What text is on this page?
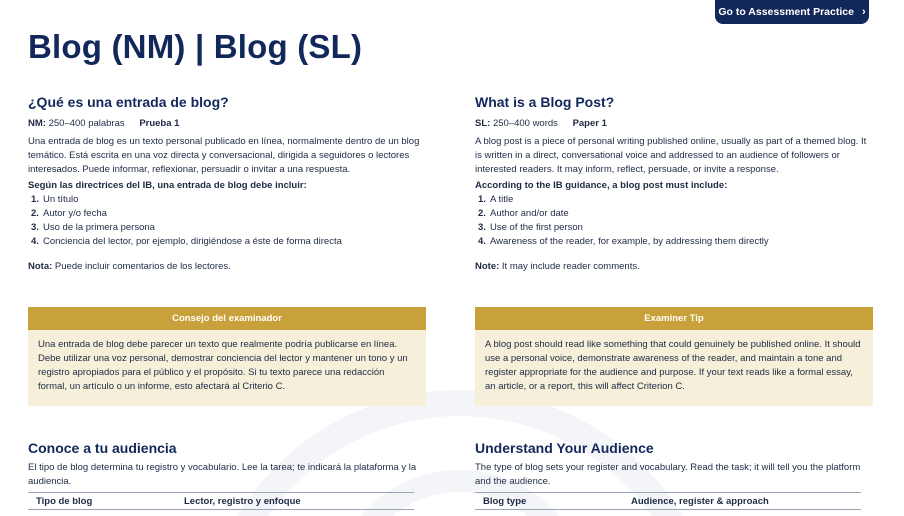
Go to Assessment Practice ›
Blog (NM) | Blog (SL)
¿Qué es una entrada de blog?
NM: 250–400 palabras Prueba 1

Una entrada de blog es un texto personal publicado en línea, normalmente dentro de un blog temático. Está escrita en una voz directa y conversacional, dirigida a seguidores o lectores interesados. Puede informar, reflexionar, persuadir o invitar a una respuesta.

Según las directrices del IB, una entrada de blog debe incluir:
1. Un título
2. Autor y/o fecha
3. Uso de la primera persona
4. Conciencia del lector, por ejemplo, dirigiéndose a éste de forma directa
Nota: Puede incluir comentarios de los lectores.
What is a Blog Post?
SL: 250–400 words Paper 1

A blog post is a piece of personal writing published online, usually as part of a themed blog. It is written in a direct, conversational voice and addressed to an audience of followers or interested readers. It may inform, reflect, persuade, or invite a response.

According to the IB guidance, a blog post must include:
1. A title
2. Author and/or date
3. Use of the first person
4. Awareness of the reader, for example, by addressing them directly
Note: It may include reader comments.
Consejo del examinador
Una entrada de blog debe parecer un texto que realmente podría publicarse en línea. Debe utilizar una voz personal, demostrar conciencia del lector y mantener un tono y un registro apropiados para el público y el propósito. Si tu texto parece una redacción formal, un artículo o un informe, esto afectará al Criterio C.
Examiner Tip
A blog post should read like something that could genuinely be published online. It should use a personal voice, demonstrate awareness of the reader, and maintain a tone and register appropriate for the audience and purpose. If your text reads like a formal essay, an article, or a report, this will affect Criterion C.
Conoce a tu audiencia

El tipo de blog determina tu registro y vocabulario. Lee la tarea; te indicará la plataforma y la audiencia.

Tipo de blog	Lector, registro y enfoque
Understand Your Audience

The type of blog sets your register and vocabulary. Read the task; it will tell you the platform and the audience.

Blog type	Audience, register & approach
